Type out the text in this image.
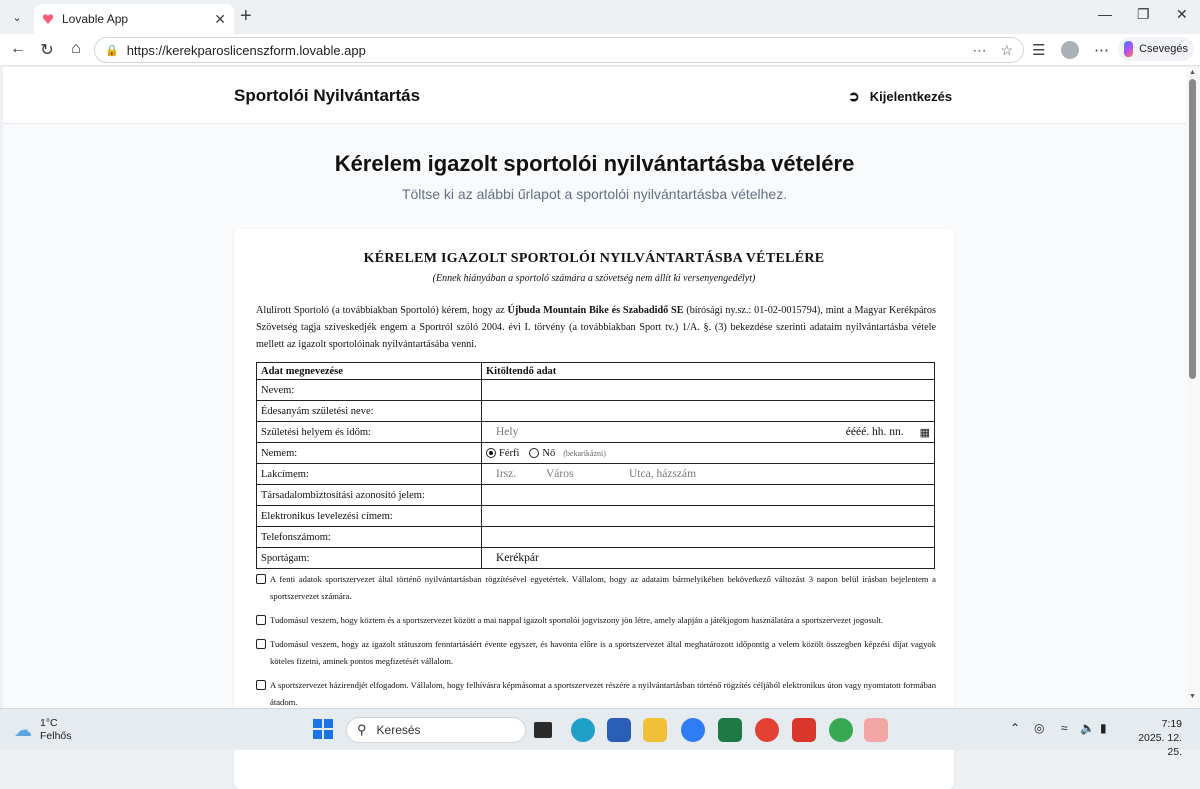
⌄	Lovable App	✕ +	— ❐ ✕
← ↻	⌂	🔒 https://kerekparoslicenszform.lovable.app	⋯ ☆ ☰	⋯	Csevegés
Sportolói Nyilvántartás	➲ Kijelentkezés
Kérelem igazolt sportolói nyilvántartásba vételére
Töltse ki az alábbi űrlapot a sportolói nyilvántartásba vételhez.
KÉRELEM IGAZOLT SPORTOLÓI NYILVÁNTARTÁSBA VÉTELÉRE
(Ennek hiányában a sportoló számára a szövetség nem állít ki versenyengedélyt)
Alulírott Sportoló (a továbbiakban Sportoló) kérem, hogy az Újbuda Mountain Bike és Szabadidő SE (bírósági ny.sz.: 01-02-0015794), mint a Magyar Kerékpáros Szövetség tagja szíveskedjék engem a Sportról szóló 2004. évi I. törvény (a továbbiakban Sport tv.) 1/A. §. (3) bekezdése szerinti adataim nyilvántartásba vétele mellett az igazolt sportolóinak nyilvántartásába venni.
Adat megnevezése	Kitöltendő adat
Nevem:	
Édesanyám születési neve:	
Születési helyem és időm:	Hely éééé. hh. nn. ▦

Nemem:	Férfi Nő (bekarikázni)

Lakcímem:	Irsz. Város Utca, házszám

Társadalombiztosítási azonosító jelem:	
Elektronikus levelezési címem:	
Telefonszámom:	
Sportágam:	Kerékpár
A fenti adatok sportszervezet által történő nyilvántartásban rögzítésével egyetértek. Vállalom, hogy az adataim bármelyikében bekövetkező változást 3 napon belül írásban bejelentem a sportszervezet számára.
Tudomásul veszem, hogy köztem és a sportszervezet között a mai nappal igazolt sportolói jogviszony jön létre, amely alapján a játékjogom használatára a sportszervezet jogosult.
Tudomásul veszem, hogy az igazolt státuszom fenntartásáért évente egyszer, és havonta előre is a sportszervezet által meghatározott időpontig a velem közölt összegben képzési díjat vagyok köteles fizetni, aminek pontos megfizetését vállalom.
A sportszervezet házirendjét elfogadom. Vállalom, hogy felhívásra képmásomat a sportszervezet részére a nyilvántartásban történő rögzítés céljából elektronikus úton vagy nyomtatott formában átadom.
▲
▼
☁ 1°C
Felhős	⚲ Keresés	⌃ ◎ ≈ 🔈 ▮	7:19
2025. 12. 25.
